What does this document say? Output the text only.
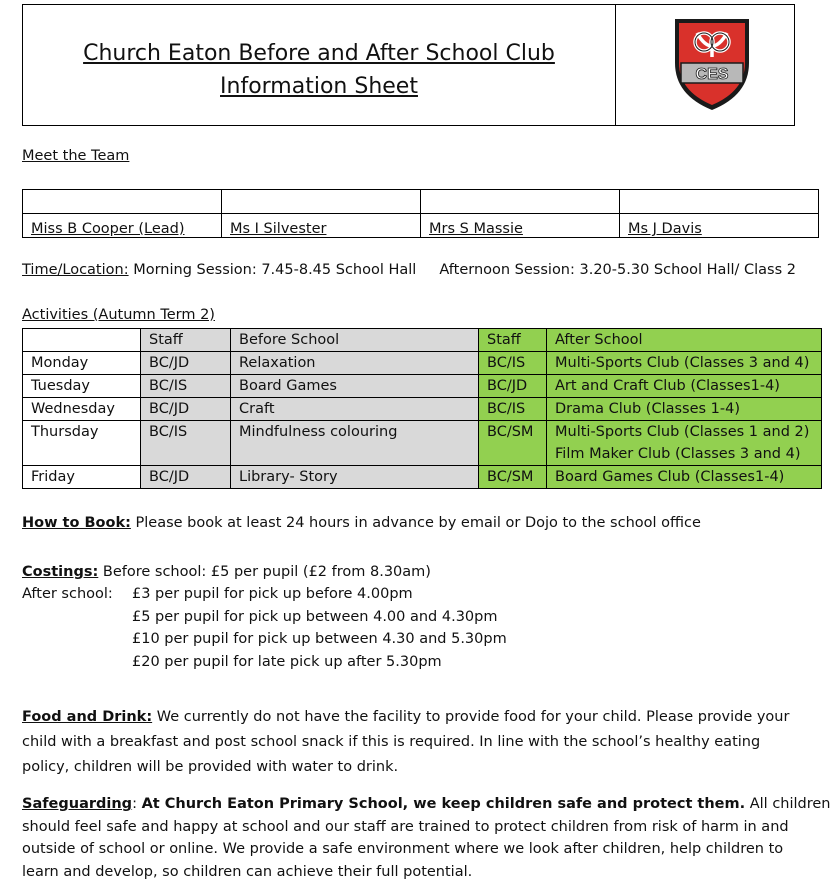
Church Eaton Before and After School Club
Information Sheet	CES
Meet the Team

Miss B Cooper (Lead)	Ms I Silvester	Mrs S Massie	Ms J Davis
Time/Location: Morning Session: 7.45-8.45 School Hall     Afternoon Session: 3.20-5.30 School Hall/ Class 2
Activities (Autumn Term 2)
	Staff	Before School	Staff	After School
Monday	BC/JD	Relaxation	BC/IS	Multi-Sports Club (Classes 3 and 4)
Tuesday	BC/IS	Board Games	BC/JD	Art and Craft Club (Classes1-4)
Wednesday	BC/JD	Craft	BC/IS	Drama Club (Classes 1-4)
Thursday	BC/IS	Mindfulness colouring	BC/SM	Multi-Sports Club (Classes 1 and 2)
Film Maker Club (Classes 3 and 4)

Friday	BC/JD	Library- Story	BC/SM	Board Games Club (Classes1-4)
How to Book: Please book at least 24 hours in advance by email or Dojo to the school office
Costings: Before school: £5 per pupil (£2 from 8.30am)
After school: £3 per pupil for pick up before 4.00pm
£5 per pupil for pick up between 4.00 and 4.30pm
£10 per pupil for pick up between 4.30 and 5.30pm
£20 per pupil for late pick up after 5.30pm
Food and Drink: We currently do not have the facility to provide food for your child. Please provide your
child with a breakfast and post school snack if this is required. In line with the school’s healthy eating
policy, children will be provided with water to drink.
Safeguarding: At Church Eaton Primary School, we keep children safe and protect them. All children
should feel safe and happy at school and our staff are trained to protect children from risk of harm in and
outside of school or online. We provide a safe environment where we look after children, help children to
learn and develop, so children can achieve their full potential.
